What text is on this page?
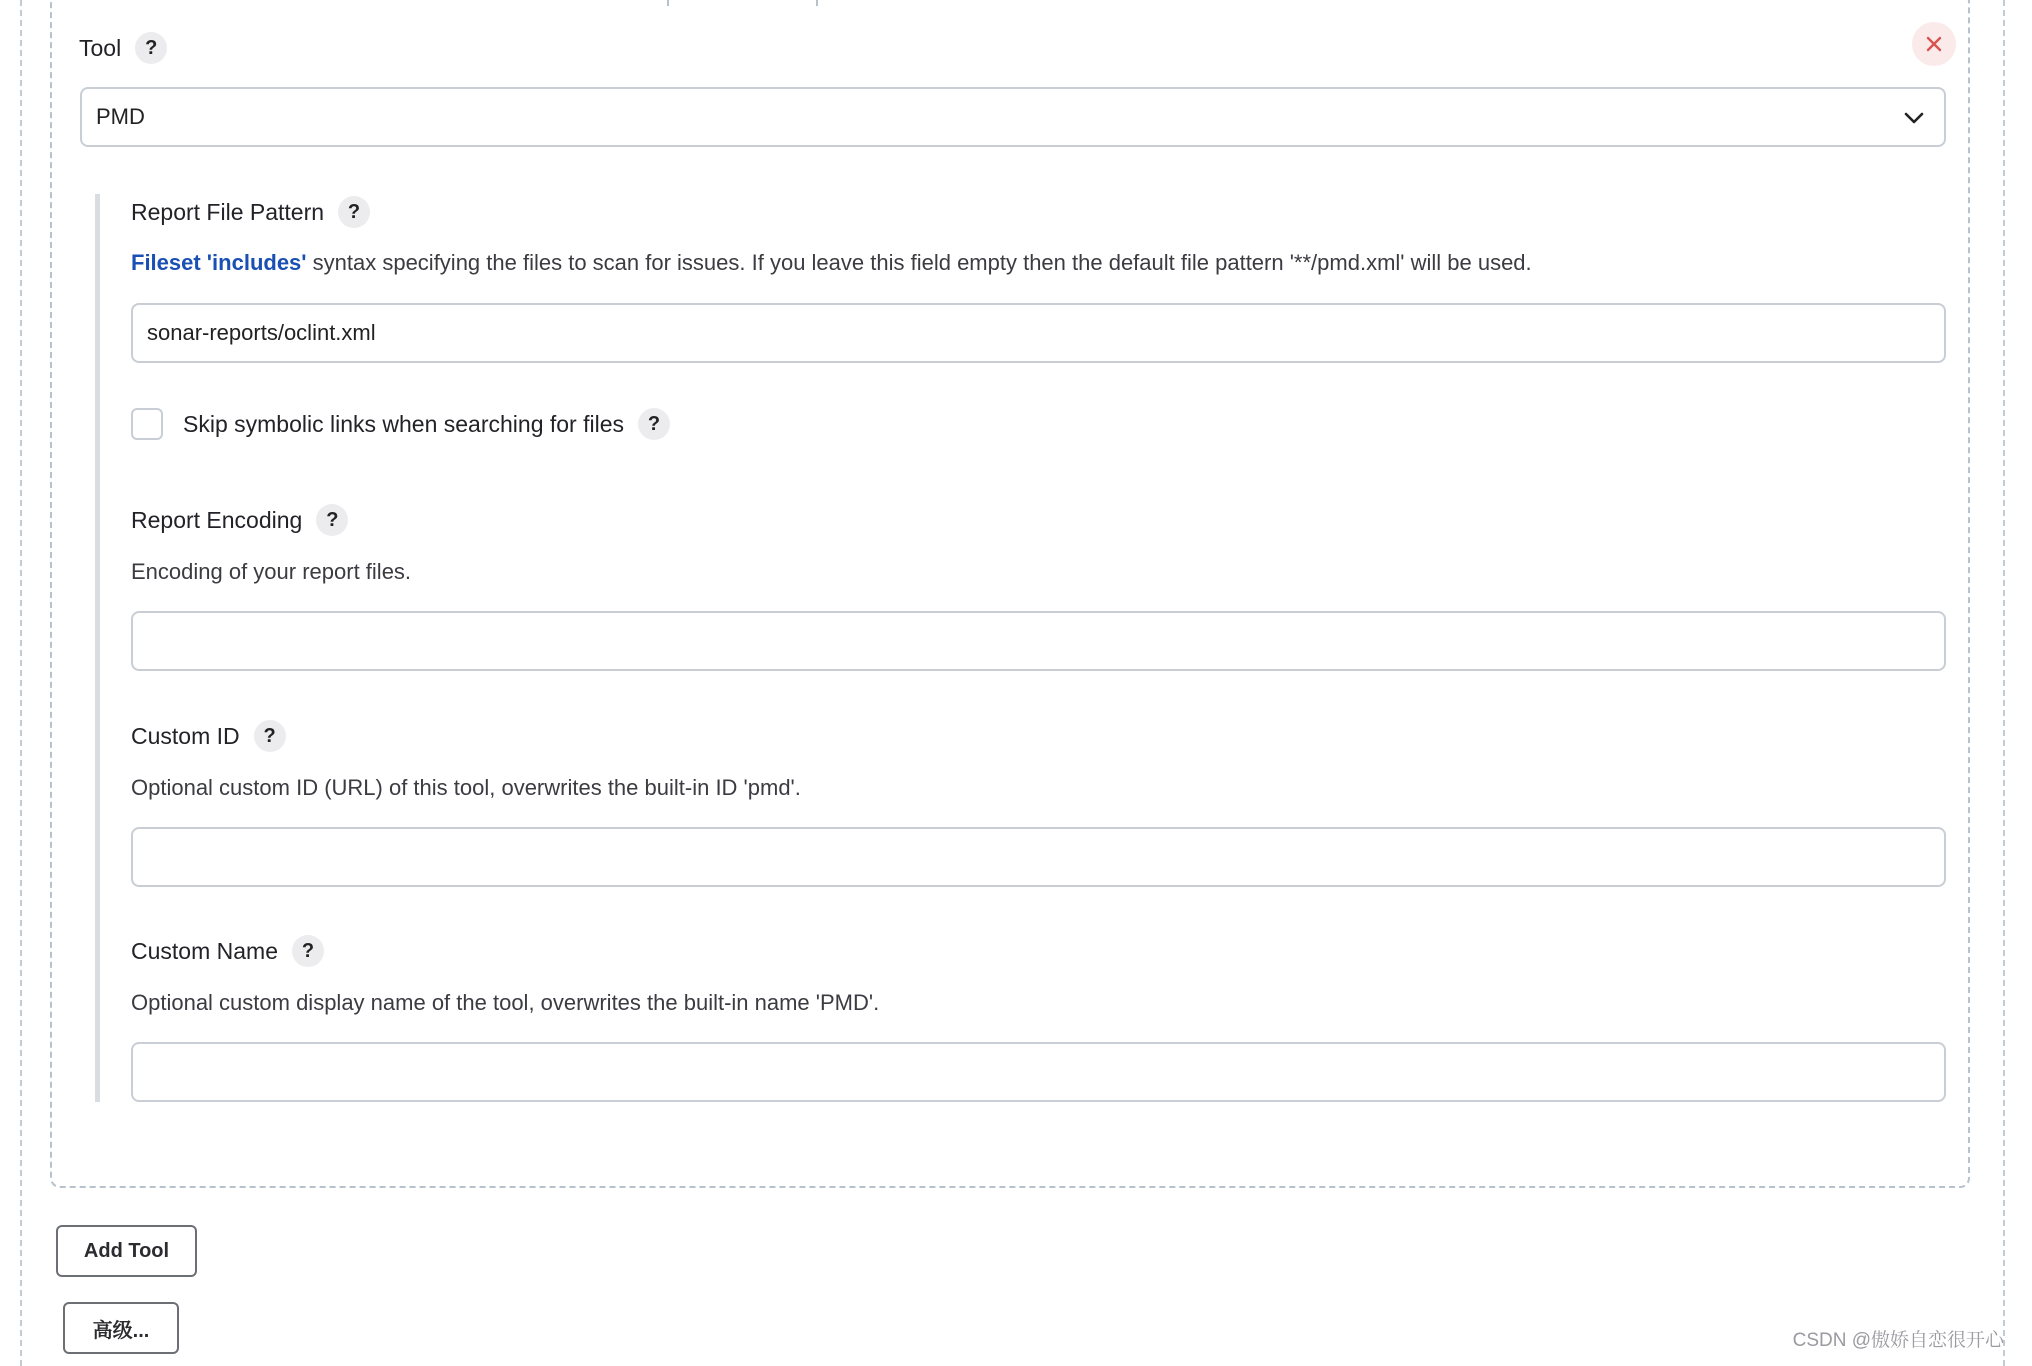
Tool	?
PMD
Report File Pattern	?
Fileset 'includes' syntax specifying the files to scan for issues. If you leave this field empty then the default file pattern '**/pmd.xml' will be used.
sonar-reports/oclint.xml
Skip symbolic links when searching for files	?
Report Encoding	?
Encoding of your report files.
Custom ID	?
Optional custom ID (URL) of this tool, overwrites the built-in ID 'pmd'.
Custom Name	?
Optional custom display name of the tool, overwrites the built-in name 'PMD'.
Add Tool
高级...	CSDN @傲娇自恋很开心
